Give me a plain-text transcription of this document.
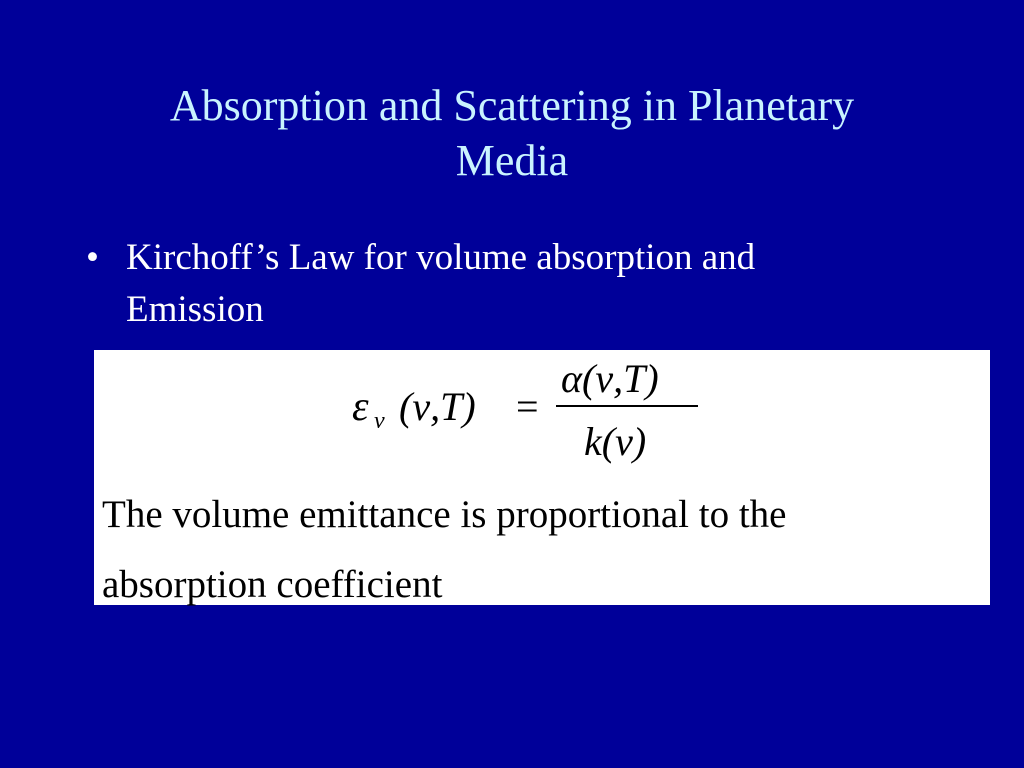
Absorption and Scattering in Planetary
Media
• Kirchoff’s Law for volume absorption and
Emission
ε ν (ν,T) =
α(ν,T)
k(ν)
The volume emittance is proportional to the
absorption coefficient
